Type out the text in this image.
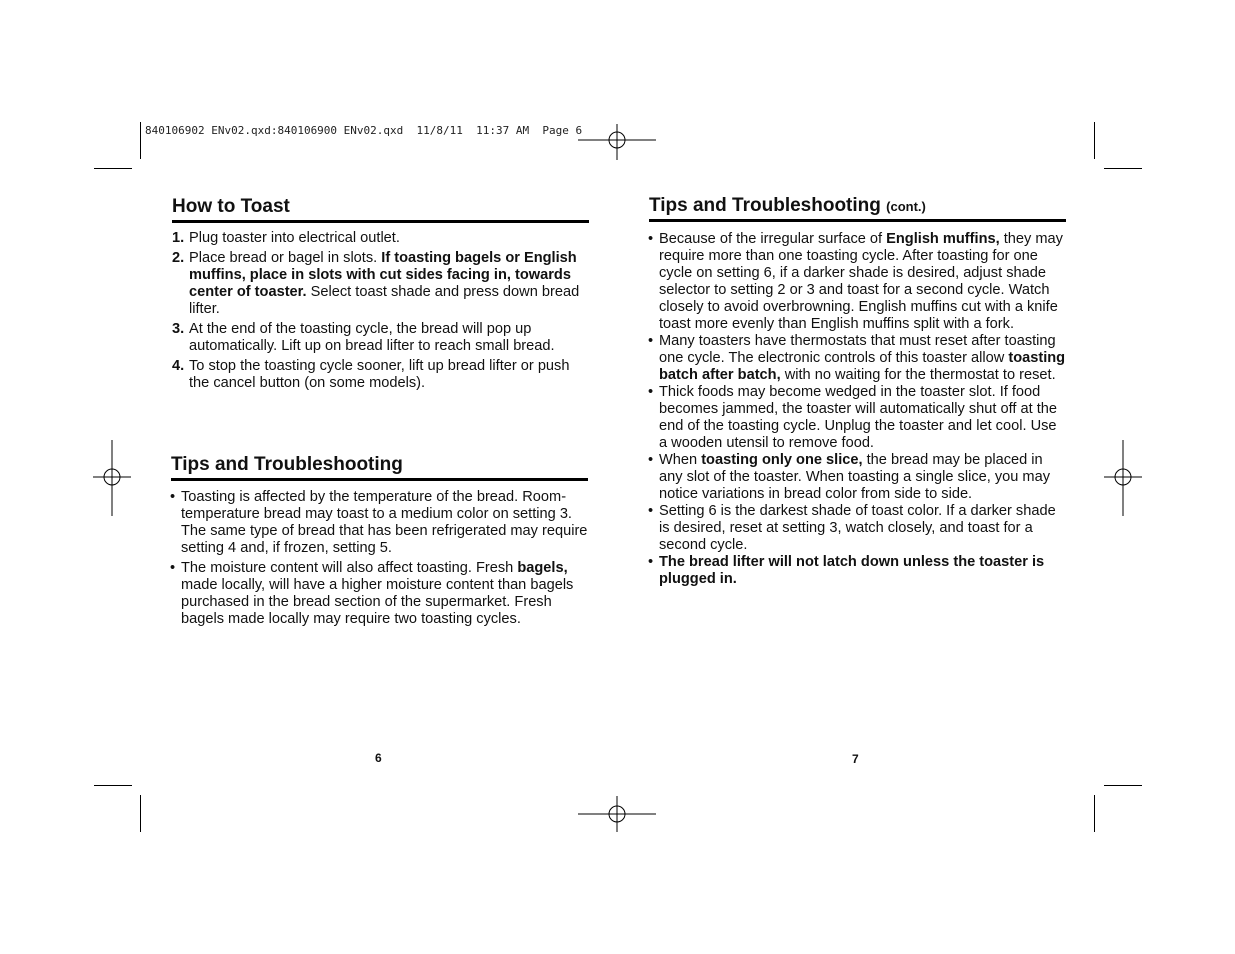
840106902 ENv02.qxd:840106900 ENv02.qxd  11/8/11  11:37 AM  Page 6
How to Toast
1. Plug toaster into electrical outlet.
2. Place bread or bagel in slots. If toasting bagels or English muffins, place in slots with cut sides facing in, towards center of toaster. Select toast shade and press down bread lifter.
3. At the end of the toasting cycle, the bread will pop up automatically. Lift up on bread lifter to reach small bread.
4. To stop the toasting cycle sooner, lift up bread lifter or push the cancel button (on some models).
Tips and Troubleshooting
• Toasting is affected by the temperature of the bread. Room-temperature bread may toast to a medium color on setting 3. The same type of bread that has been refrigerated may require setting 4 and, if frozen, setting 5.
• The moisture content will also affect toasting. Fresh bagels, made locally, will have a higher moisture content than bagels purchased in the bread section of the supermarket. Fresh bagels made locally may require two toasting cycles.
6
Tips and Troubleshooting (cont.)
• Because of the irregular surface of English muffins, they may require more than one toasting cycle. After toasting for one cycle on setting 6, if a darker shade is desired, adjust shade selector to setting 2 or 3 and toast for a second cycle. Watch closely to avoid overbrowning. English muffins cut with a knife toast more evenly than English muffins split with a fork.
• Many toasters have thermostats that must reset after toasting one cycle. The electronic controls of this toaster allow toasting batch after batch, with no waiting for the thermostat to reset.
• Thick foods may become wedged in the toaster slot. If food becomes jammed, the toaster will automatically shut off at the end of the toasting cycle. Unplug the toaster and let cool. Use a wooden utensil to remove food.
• When toasting only one slice, the bread may be placed in any slot of the toaster. When toasting a single slice, you may notice variations in bread color from side to side.
• Setting 6 is the darkest shade of toast color. If a darker shade is desired, reset at setting 3, watch closely, and toast for a second cycle.
• The bread lifter will not latch down unless the toaster is plugged in.
7
